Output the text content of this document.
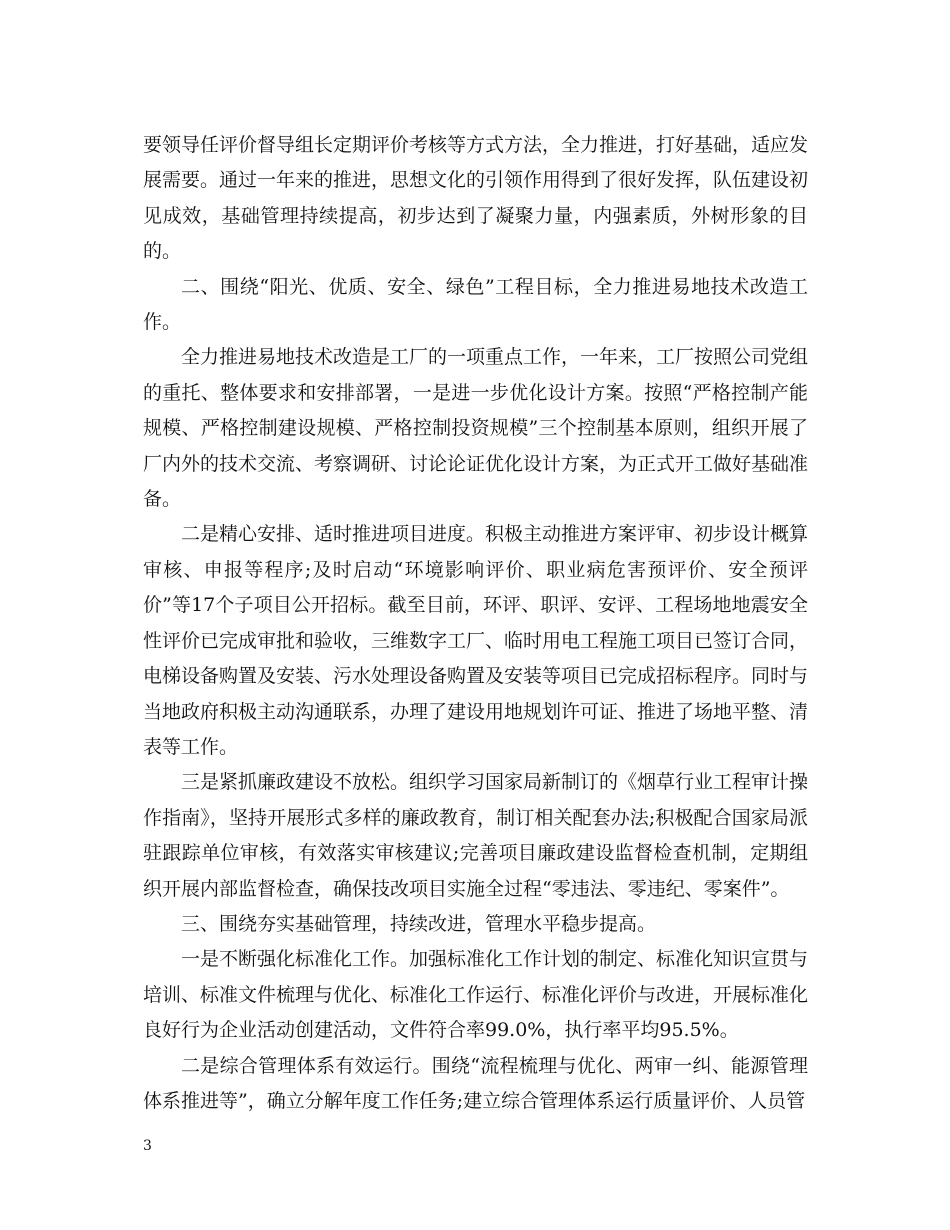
要领导任评价督导组长定期评价考核等方式方法，全力推进，打好基础，适应发展需要。通过一年来的推进，思想文化的引领作用得到了很好发挥，队伍建设初见成效，基础管理持续提高，初步达到了凝聚力量，内强素质，外树形象的目的。

二、围绕“阳光、优质、安全、绿色”工程目标，全力推进易地技术改造工作。

全力推进易地技术改造是工厂的一项重点工作，一年来，工厂按照公司党组的重托、整体要求和安排部署，一是进一步优化设计方案。按照“严格控制产能规模、严格控制建设规模、严格控制投资规模”三个控制基本原则，组织开展了厂内外的技术交流、考察调研、讨论论证优化设计方案，为正式开工做好基础准备。

二是精心安排、适时推进项目进度。积极主动推进方案评审、初步设计概算审核、申报等程序;及时启动“环境影响评价、职业病危害预评价、安全预评价”等17个子项目公开招标。截至目前，环评、职评、安评、工程场地地震安全性评价已完成审批和验收，三维数字工厂、临时用电工程施工项目已签订合同，电梯设备购置及安装、污水处理设备购置及安装等项目已完成招标程序。同时与当地政府积极主动沟通联系，办理了建设用地规划许可证、推进了场地平整、清表等工作。

三是紧抓廉政建设不放松。组织学习国家局新制订的《烟草行业工程审计操作指南》，坚持开展形式多样的廉政教育，制订相关配套办法;积极配合国家局派驻跟踪单位审核，有效落实审核建议;完善项目廉政建设监督检查机制，定期组织开展内部监督检查，确保技改项目实施全过程“零违法、零违纪、零案件”。

三、围绕夯实基础管理，持续改进，管理水平稳步提高。

一是不断强化标准化工作。加强标准化工作计划的制定、标准化知识宣贯与培训、标准文件梳理与优化、标准化工作运行、标准化评价与改进，开展标准化良好行为企业活动创建活动，文件符合率99.0%，执行率平均95.5%。

二是综合管理体系有效运行。围绕“流程梳理与优化、两审一纠、能源管理体系推进等”，确立分解年度工作任务;建立综合管理体系运行质量评价、人员管

3
